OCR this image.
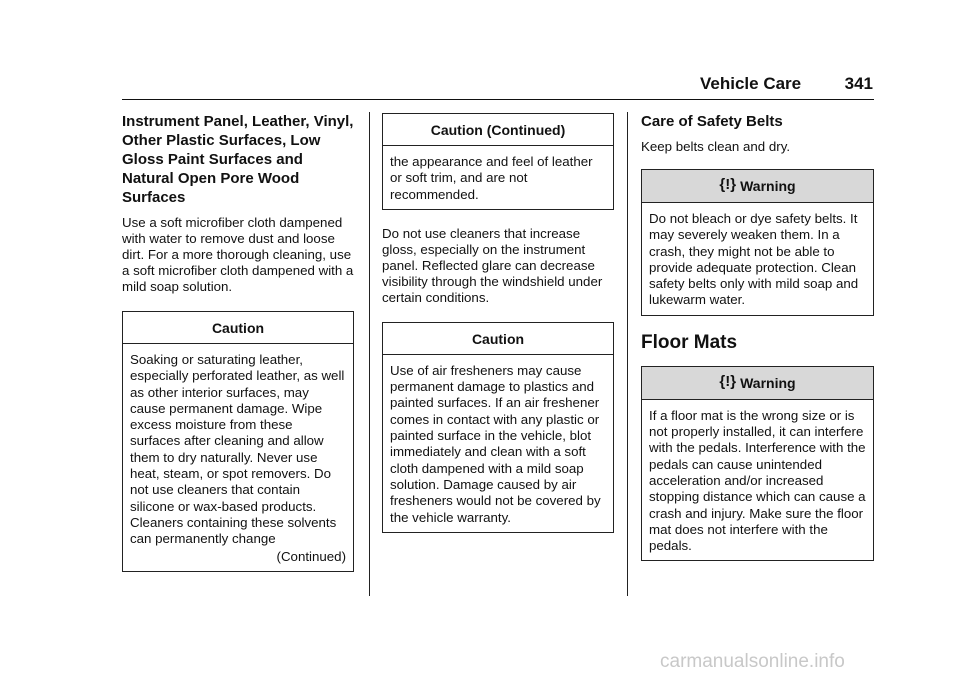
Vehicle Care	341
Instrument Panel, Leather, Vinyl, Other Plastic Surfaces, Low Gloss Paint Surfaces and Natural Open Pore Wood Surfaces

Use a soft microfiber cloth dampened with water to remove dust and loose dirt. For a more thorough cleaning, use a soft microfiber cloth dampened with a mild soap solution.

Caution
Soaking or saturating leather, especially perforated leather, as well as other interior surfaces, may cause permanent damage. Wipe excess moisture from these surfaces after cleaning and allow them to dry naturally. Never use heat, steam, or spot removers. Do not use cleaners that contain silicone or wax-based products. Cleaners containing these solvents can permanently change
(Continued)
Caution (Continued)
the appearance and feel of leather or soft trim, and are not recommended.

Do not use cleaners that increase gloss, especially on the instrument panel. Reflected glare can decrease visibility through the windshield under certain conditions.

Caution
Use of air fresheners may cause permanent damage to plastics and painted surfaces. If an air freshener comes in contact with any plastic or painted surface in the vehicle, blot immediately and clean with a soft cloth dampened with a mild soap solution. Damage caused by air fresheners would not be covered by the vehicle warranty.
Care of Safety Belts

Keep belts clean and dry.

{!} Warning
Do not bleach or dye safety belts. It may severely weaken them. In a crash, they might not be able to provide adequate protection. Clean safety belts only with mild soap and lukewarm water.
Floor Mats
{!} Warning
If a floor mat is the wrong size or is not properly installed, it can interfere with the pedals. Interference with the pedals can cause unintended acceleration and/or increased stopping distance which can cause a crash and injury. Make sure the floor mat does not interfere with the pedals.
carmanualsonline.info
